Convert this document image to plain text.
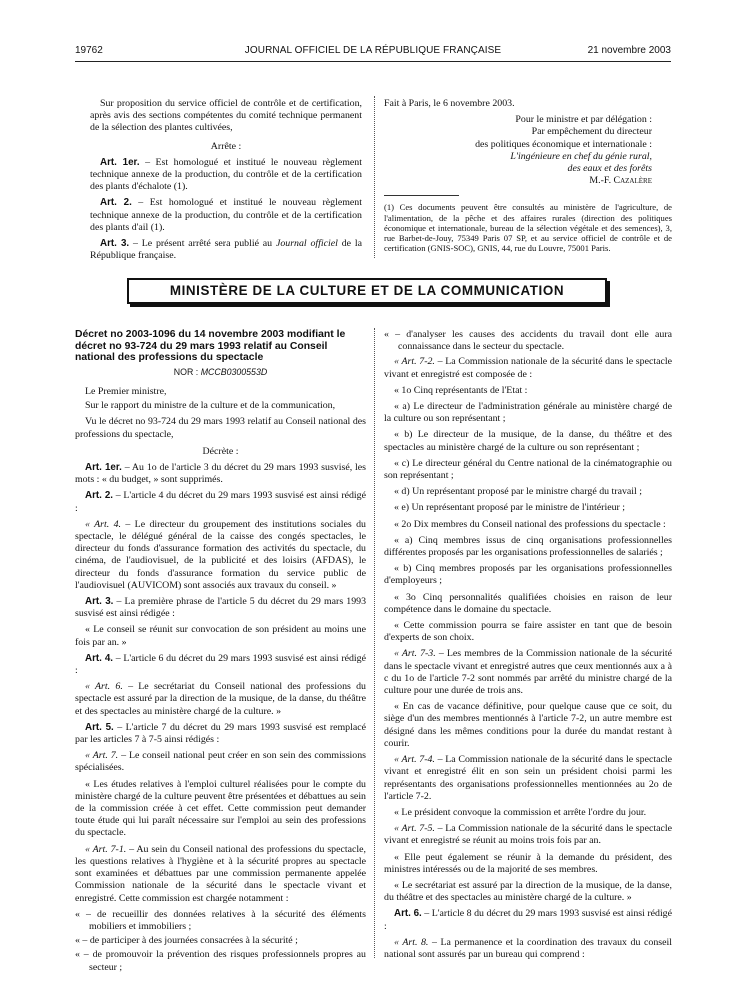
19762	JOURNAL OFFICIEL DE LA RÉPUBLIQUE FRANÇAISE	21 novembre 2003

Sur proposition du service officiel de contrôle et de certification, après avis des sections compétentes du comité technique permanent de la sélection des plantes cultivées,

Arrête :

Art. 1er. – Est homologué et institué le nouveau règlement technique annexe de la production, du contrôle et de la certification des plants d'échalote (1).

Art. 2. – Est homologué et institué le nouveau règlement technique annexe de la production, du contrôle et de la certification des plants d'ail (1).

Art. 3. – Le présent arrêté sera publié au Journal officiel de la République française.

Fait à Paris, le 6 novembre 2003.

Pour le ministre et par délégation :
Par empêchement du directeur
des politiques économique et internationale :
L'ingénieure en chef du génie rural,
des eaux et des forêts
M.-F. Cazalère

(1) Ces documents peuvent être consultés au ministère de l'agriculture, de l'alimentation, de la pêche et des affaires rurales (direction des politiques économique et internationale, bureau de la sélection végétale et des semences), 3, rue Barbet-de-Jouy, 75349 Paris 07 SP, et au service officiel de contrôle et de certification (GNIS-SOC), GNIS, 44, rue du Louvre, 75001 Paris.

MINISTÈRE DE LA CULTURE ET DE LA COMMUNICATION
Décret no 2003-1096 du 14 novembre 2003 modifiant le décret no 93-724 du 29 mars 1993 relatif au Conseil national des professions du spectacle
NOR : MCCB0300553D

Le Premier ministre,

Sur le rapport du ministre de la culture et de la communication,

Vu le décret no 93-724 du 29 mars 1993 relatif au Conseil national des professions du spectacle,

Décrète :

Art. 1er. – Au 1o de l'article 3 du décret du 29 mars 1993 susvisé, les mots : « du budget, » sont supprimés.

Art. 2. – L'article 4 du décret du 29 mars 1993 susvisé est ainsi rédigé :

« Art. 4. – Le directeur du groupement des institutions sociales du spectacle, le délégué général de la caisse des congés spectacles, le directeur du fonds d'assurance formation des activités du spectacle, du cinéma, de l'audiovisuel, de la publicité et des loisirs (AFDAS), le directeur du fonds d'assurance formation du service public de l'audiovisuel (AUVICOM) sont associés aux travaux du conseil. »

Art. 3. – La première phrase de l'article 5 du décret du 29 mars 1993 susvisé est ainsi rédigée :

« Le conseil se réunit sur convocation de son président au moins une fois par an. »

Art. 4. – L'article 6 du décret du 29 mars 1993 susvisé est ainsi rédigé :

« Art. 6. – Le secrétariat du Conseil national des professions du spectacle est assuré par la direction de la musique, de la danse, du théâtre et des spectacles au ministère chargé de la culture. »

Art. 5. – L'article 7 du décret du 29 mars 1993 susvisé est remplacé par les articles 7 à 7-5 ainsi rédigés :

« Art. 7. – Le conseil national peut créer en son sein des commissions spécialisées.

« Les études relatives à l'emploi culturel réalisées pour le compte du ministère chargé de la culture peuvent être présentées et débattues au sein de la commission créée à cet effet. Cette commission peut demander toute étude qui lui paraît nécessaire sur l'emploi au sein des professions du spectacle.

« Art. 7-1. – Au sein du Conseil national des professions du spectacle, les questions relatives à l'hygiène et à la sécurité propres au spectacle sont examinées et débattues par une commission permanente appelée Commission nationale de la sécurité dans le spectacle vivant et enregistré. Cette commission est chargée notamment :

« – de recueillir des données relatives à la sécurité des éléments mobiliers et immobiliers ;
« – de participer à des journées consacrées à la sécurité ;
« – de promouvoir la prévention des risques professionnels propres au secteur ;
« – d'analyser les causes des accidents du travail dont elle aura connaissance dans le secteur du spectacle.

« Art. 7-2. – La Commission nationale de la sécurité dans le spectacle vivant et enregistré est composée de :

« 1o Cinq représentants de l'Etat :

« a) Le directeur de l'administration générale au ministère chargé de la culture ou son représentant ;

« b) Le directeur de la musique, de la danse, du théâtre et des spectacles au ministère chargé de la culture ou son représentant ;

« c) Le directeur général du Centre national de la cinématographie ou son représentant ;

« d) Un représentant proposé par le ministre chargé du travail ;

« e) Un représentant proposé par le ministre de l'intérieur ;

« 2o Dix membres du Conseil national des professions du spectacle :

« a) Cinq membres issus de cinq organisations professionnelles différentes proposés par les organisations professionnelles de salariés ;

« b) Cinq membres proposés par les organisations professionnelles d'employeurs ;

« 3o Cinq personnalités qualifiées choisies en raison de leur compétence dans le domaine du spectacle.

« Cette commission pourra se faire assister en tant que de besoin d'experts de son choix.

« Art. 7-3. – Les membres de la Commission nationale de la sécurité dans le spectacle vivant et enregistré autres que ceux mentionnés aux a à c du 1o de l'article 7-2 sont nommés par arrêté du ministre chargé de la culture pour une durée de trois ans.

« En cas de vacance définitive, pour quelque cause que ce soit, du siège d'un des membres mentionnés à l'article 7-2, un autre membre est désigné dans les mêmes conditions pour la durée du mandat restant à courir.

« Art. 7-4. – La Commission nationale de la sécurité dans le spectacle vivant et enregistré élit en son sein un président choisi parmi les représentants des organisations professionnelles mentionnées au 2o de l'article 7-2.

« Le président convoque la commission et arrête l'ordre du jour.

« Art. 7-5. – La Commission nationale de la sécurité dans le spectacle vivant et enregistré se réunit au moins trois fois par an.

« Elle peut également se réunir à la demande du président, des ministres intéressés ou de la majorité de ses membres.

« Le secrétariat est assuré par la direction de la musique, de la danse, du théâtre et des spectacles au ministère chargé de la culture. »

Art. 6. – L'article 8 du décret du 29 mars 1993 susvisé est ainsi rédigé :

« Art. 8. – La permanence et la coordination des travaux du conseil national sont assurés par un bureau qui comprend :
